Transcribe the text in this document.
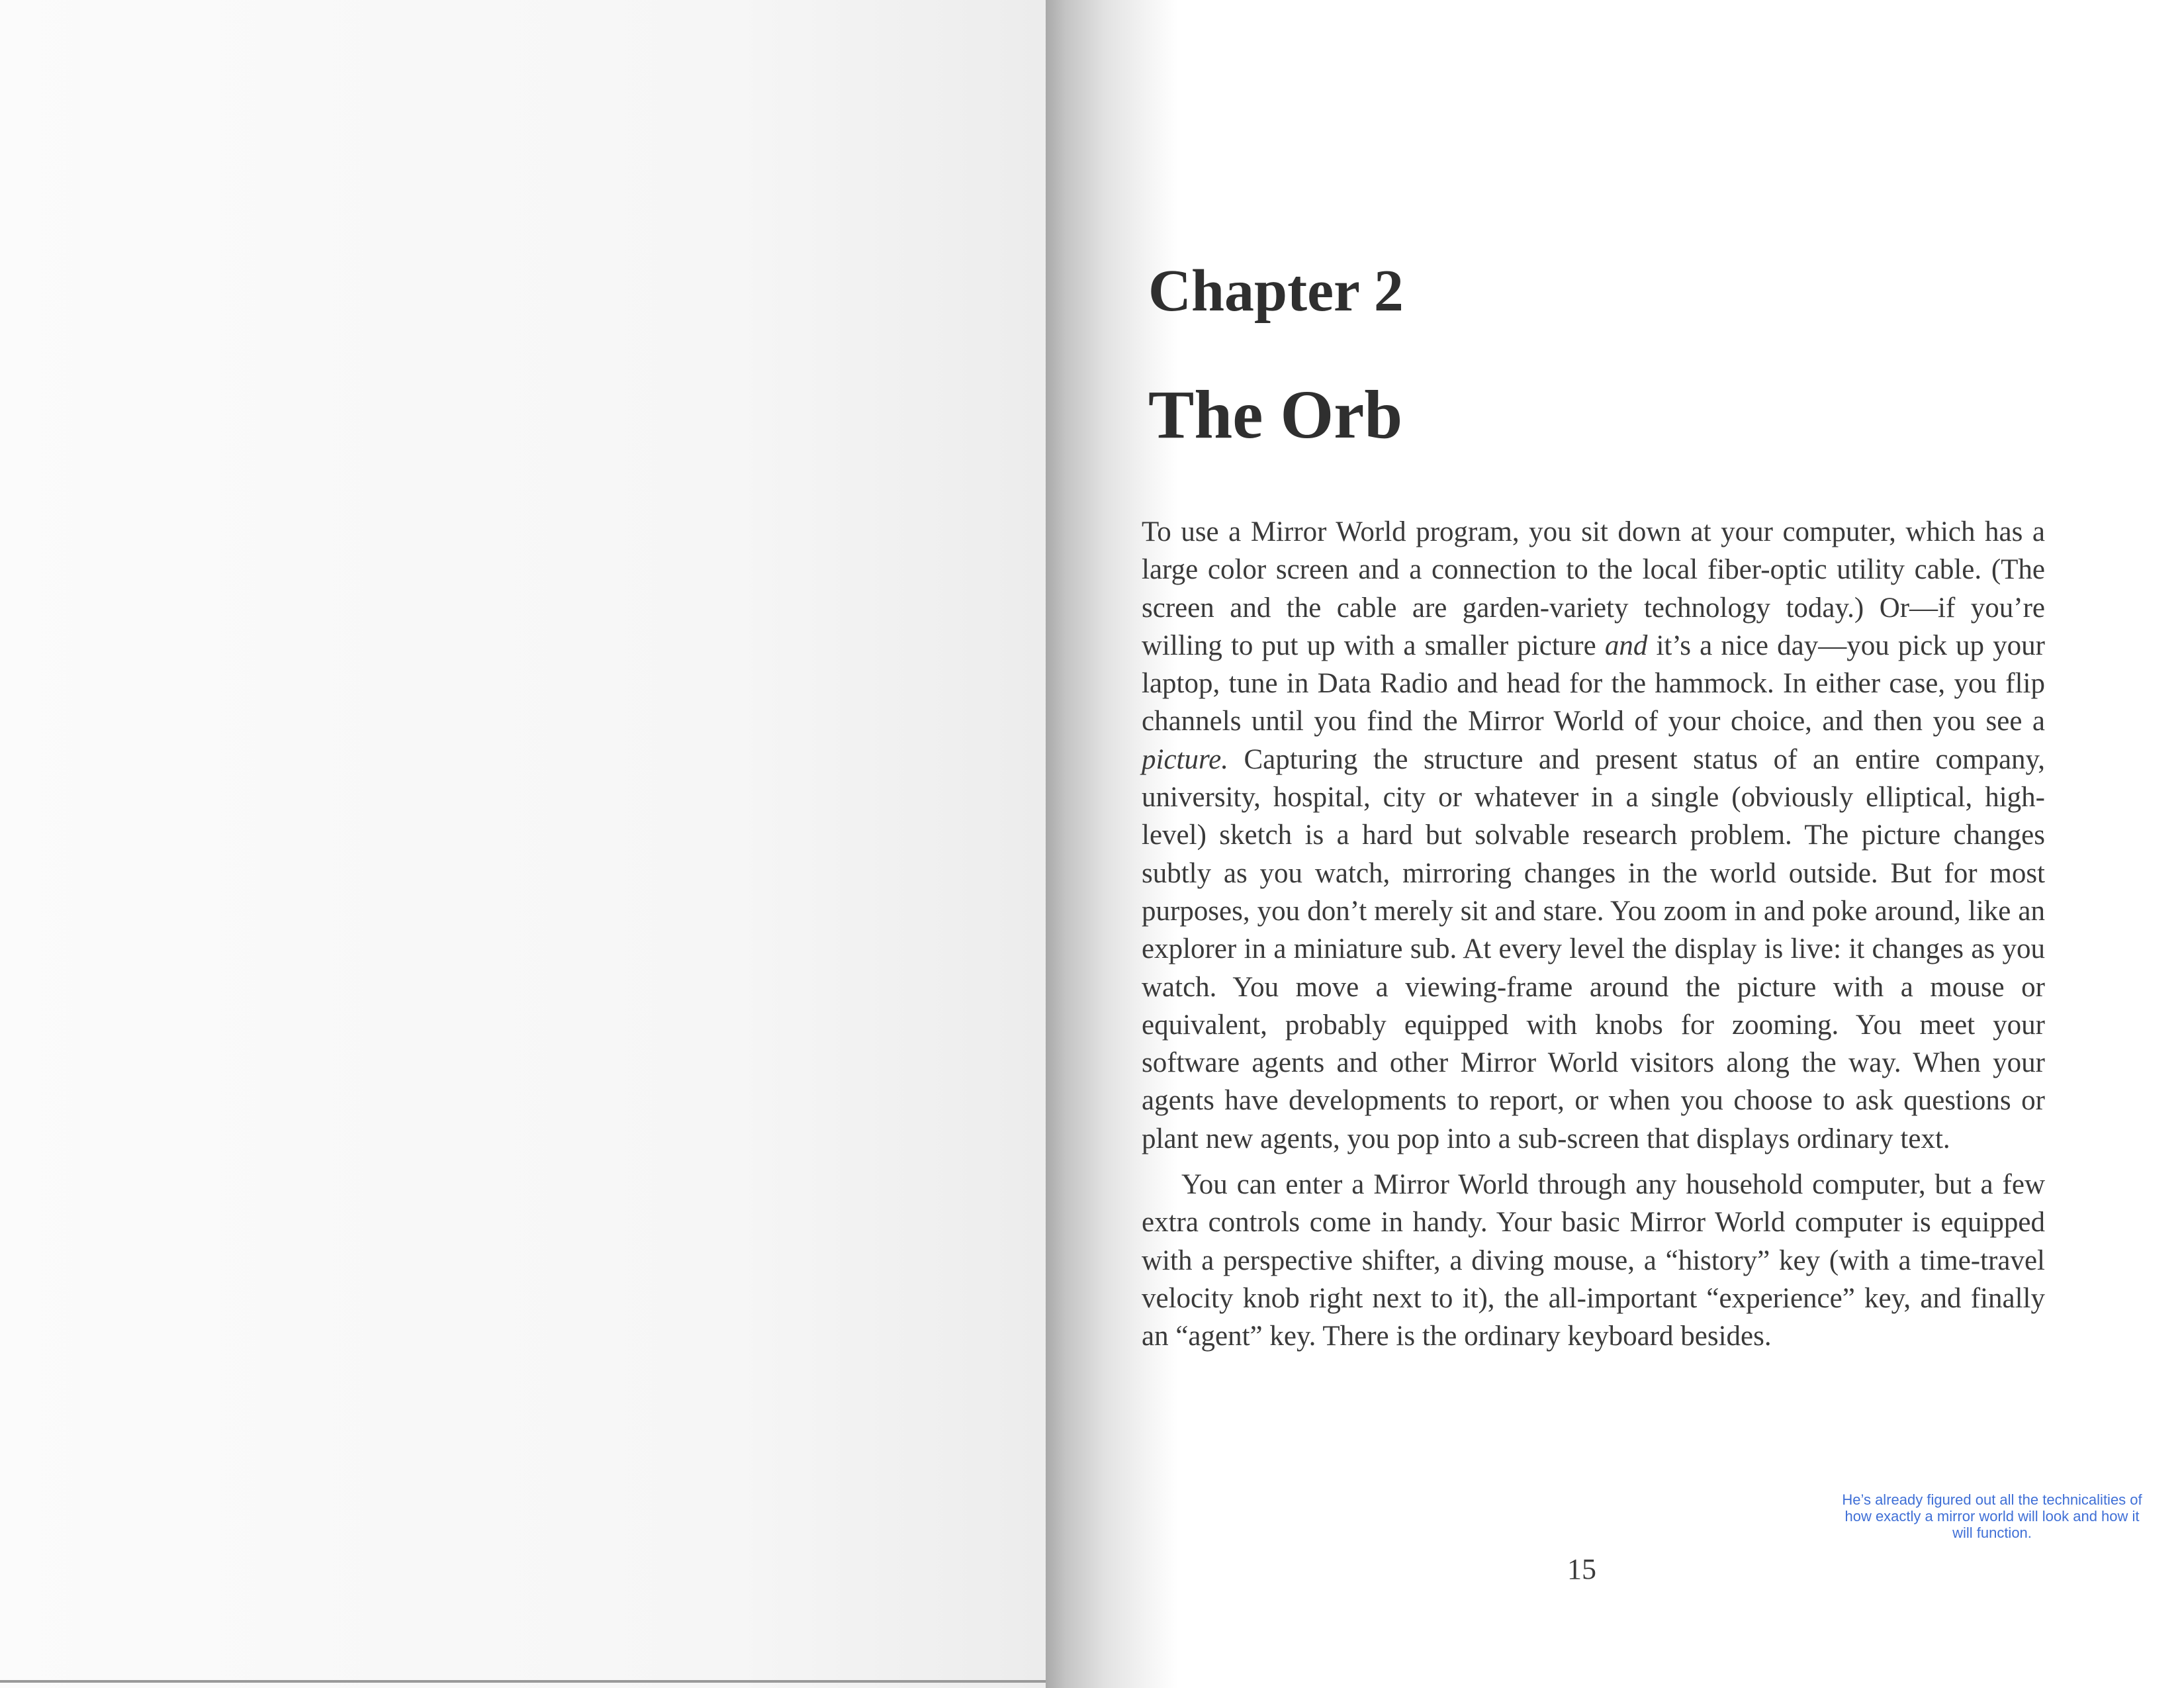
Chapter 2
The Orb

To use a Mirror World program, you sit down at your computer, which has a large color screen and a connection to the local fiber-optic utility cable. (The screen and the cable are garden-variety technology today.) Or—if you’re willing to put up with a smaller picture and it’s a nice day—you pick up your laptop, tune in Data Radio and head for the hammock. In either case, you flip channels until you find the Mirror World of your choice, and then you see a picture. Capturing the structure and present status of an entire company, university, hospital, city or whatever in a single (obviously elliptical, high-level) sketch is a hard but solvable research problem. The picture changes subtly as you watch, mirroring changes in the world outside. But for most purposes, you don’t merely sit and stare. You zoom in and poke around, like an explorer in a miniature sub. At every level the display is live: it changes as you watch. You move a viewing-frame around the picture with a mouse or equivalent, probably equipped with knobs for zooming. You meet your software agents and other Mirror World visitors along the way. When your agents have developments to report, or when you choose to ask questions or plant new agents, you pop into a sub-screen that displays ordinary text.

You can enter a Mirror World through any household computer, but a few extra controls come in handy. Your basic Mirror World computer is equipped with a perspective shifter, a diving mouse, a “history” key (with a time-travel velocity knob right next to it), the all-important “experience” key, and finally an “agent” key. There is the ordinary keyboard besides.

He’s already figured out all the technicalities of how exactly a mirror world will look and how it will function.
15
